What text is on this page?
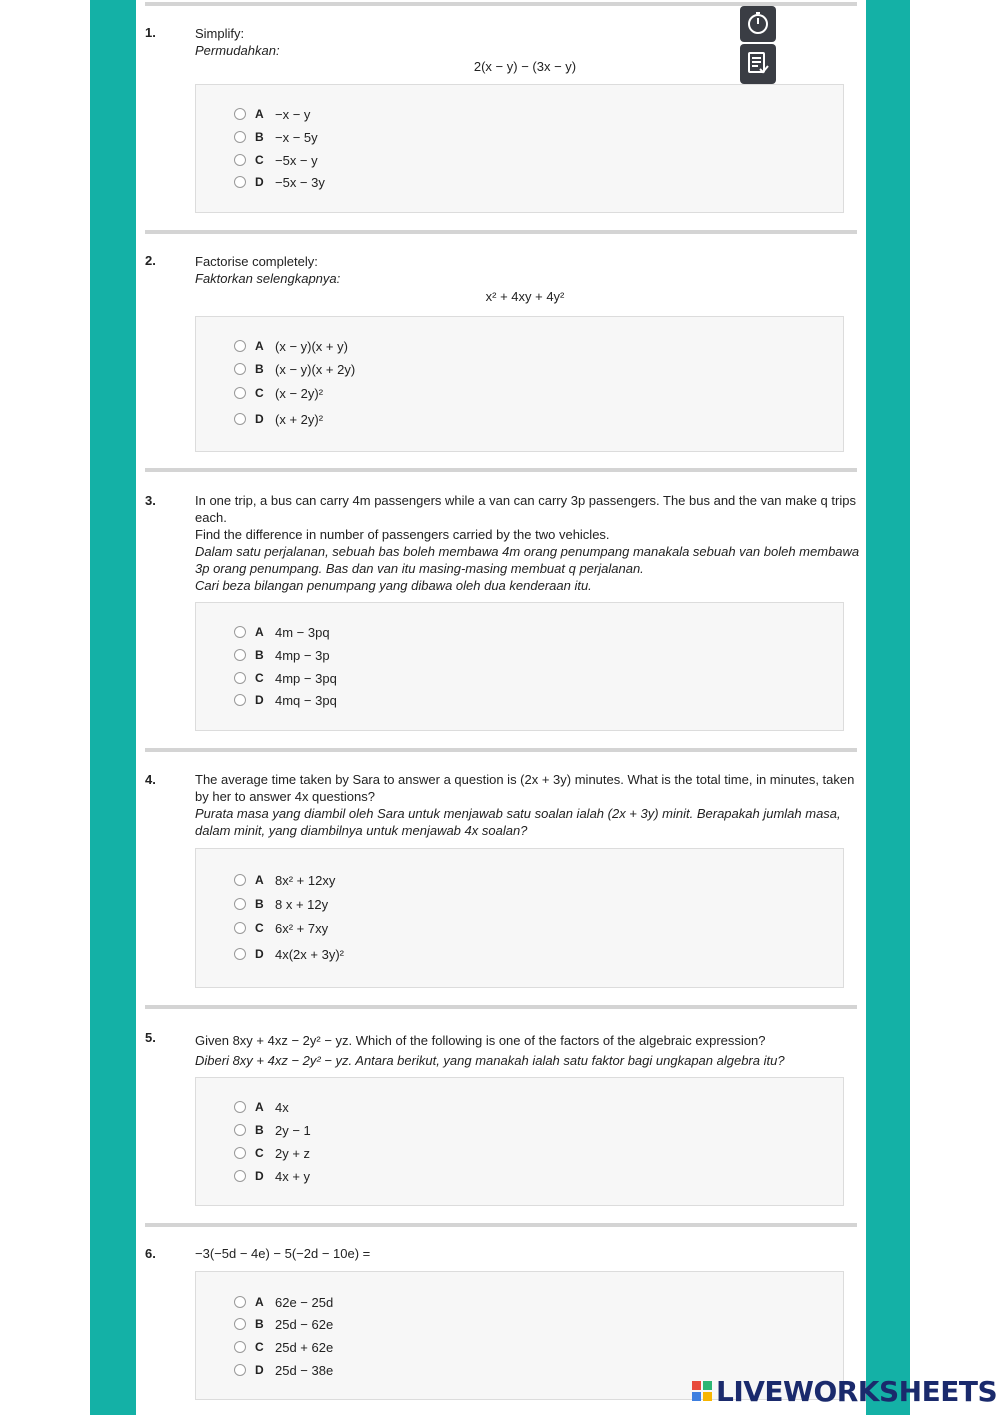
1.	Simplify:
Permudahkan:
2(x − y) − (3x − y)
A −x − y
B −x − 5y
C −5x − y
D −5x − 3y
2.	Factorise completely:
Faktorkan selengkapnya:
x² + 4xy + 4y²
A (x − y)(x + y)
B (x − y)(x + 2y)
C (x − 2y)²
D (x + 2y)²
3.	In one trip, a bus can carry 4m passengers while a van can carry 3p passengers. The bus and the van make q trips each.
Find the difference in number of passengers carried by the two vehicles.
Dalam satu perjalanan, sebuah bas boleh membawa 4m orang penumpang manakala sebuah van boleh membawa 3p orang penumpang. Bas dan van itu masing-masing membuat q perjalanan.
Cari beza bilangan penumpang yang dibawa oleh dua kenderaan itu.
A 4m − 3pq
B 4mp − 3p
C 4mp − 3pq
D 4mq − 3pq
4.	The average time taken by Sara to answer a question is (2x + 3y) minutes. What is the total time, in minutes, taken by her to answer 4x questions?
Purata masa yang diambil oleh Sara untuk menjawab satu soalan ialah (2x + 3y) minit. Berapakah jumlah masa, dalam minit, yang diambilnya untuk menjawab 4x soalan?
A 8x² + 12xy
B 8 x + 12y
C 6x² + 7xy
D 4x(2x + 3y)²
5.	Given 8xy + 4xz − 2y² − yz. Which of the following is one of the factors of the algebraic expression?
Diberi 8xy + 4xz − 2y² − yz. Antara berikut, yang manakah ialah satu faktor bagi ungkapan algebra itu?
A 4x
B 2y − 1
C 2y + z
D 4x + y
6.	−3(−5d − 4e) − 5(−2d − 10e) =
A 62e − 25d
B 25d − 62e
C 25d + 62e
D 25d − 38e
LIVEWORKSHEETS
